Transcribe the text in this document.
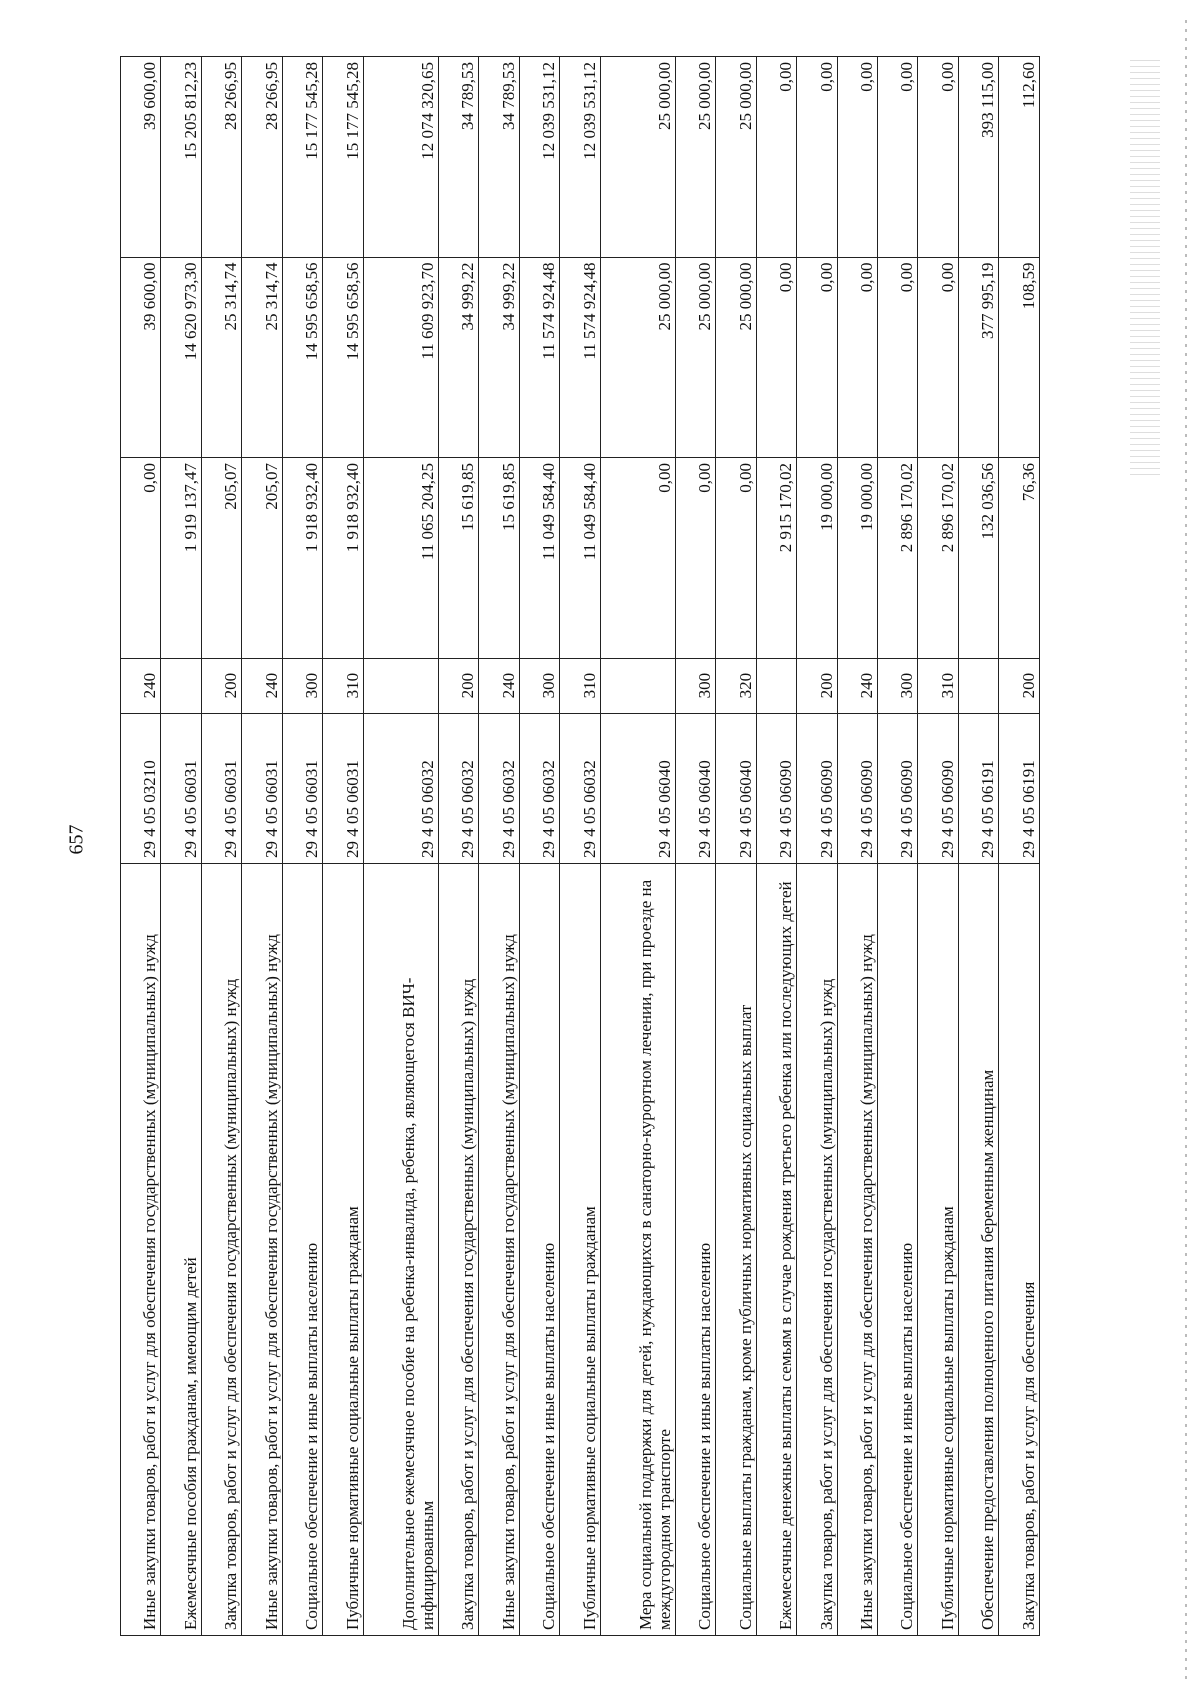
657
Иные закупки товаров, работ и услуг для обеспечения государственных (муниципальных) нужд	29 4 05 03210	240	0,00	39 600,00	39 600,00
Ежемесячные пособия гражданам, имеющим детей	29 4 05 06031		1 919 137,47	14 620 973,30	15 205 812,23
Закупка товаров, работ и услуг для обеспечения государственных (муниципальных) нужд	29 4 05 06031	200	205,07	25 314,74	28 266,95
Иные закупки товаров, работ и услуг для обеспечения государственных (муниципальных) нужд	29 4 05 06031	240	205,07	25 314,74	28 266,95
Социальное обеспечение и иные выплаты населению	29 4 05 06031	300	1 918 932,40	14 595 658,56	15 177 545,28
Публичные нормативные социальные выплаты гражданам	29 4 05 06031	310	1 918 932,40	14 595 658,56	15 177 545,28
Дополнительное ежемесячное пособие на ребенка-инвалида, ребенка, являющегося ВИЧ-инфицированным	29 4 05 06032		11 065 204,25	11 609 923,70	12 074 320,65
Закупка товаров, работ и услуг для обеспечения государственных (муниципальных) нужд	29 4 05 06032	200	15 619,85	34 999,22	34 789,53
Иные закупки товаров, работ и услуг для обеспечения государственных (муниципальных) нужд	29 4 05 06032	240	15 619,85	34 999,22	34 789,53
Социальное обеспечение и иные выплаты населению	29 4 05 06032	300	11 049 584,40	11 574 924,48	12 039 531,12
Публичные нормативные социальные выплаты гражданам	29 4 05 06032	310	11 049 584,40	11 574 924,48	12 039 531,12
Мера социальной поддержки для детей, нуждающихся в санаторно-курортном лечении, при проезде на междугородном транспорте	29 4 05 06040		0,00	25 000,00	25 000,00
Социальное обеспечение и иные выплаты населению	29 4 05 06040	300	0,00	25 000,00	25 000,00
Социальные выплаты гражданам, кроме публичных нормативных социальных выплат	29 4 05 06040	320	0,00	25 000,00	25 000,00
Ежемесячные денежные выплаты семьям в случае рождения третьего ребенка или последующих детей	29 4 05 06090		2 915 170,02	0,00	0,00
Закупка товаров, работ и услуг для обеспечения государственных (муниципальных) нужд	29 4 05 06090	200	19 000,00	0,00	0,00
Иные закупки товаров, работ и услуг для обеспечения государственных (муниципальных) нужд	29 4 05 06090	240	19 000,00	0,00	0,00
Социальное обеспечение и иные выплаты населению	29 4 05 06090	300	2 896 170,02	0,00	0,00
Публичные нормативные социальные выплаты гражданам	29 4 05 06090	310	2 896 170,02	0,00	0,00
Обеспечение предоставления полноценного питания беременным женщинам	29 4 05 06191		132 036,56	377 995,19	393 115,00
Закупка товаров, работ и услуг для обеспечения	29 4 05 06191	200	76,36	108,59	112,60
